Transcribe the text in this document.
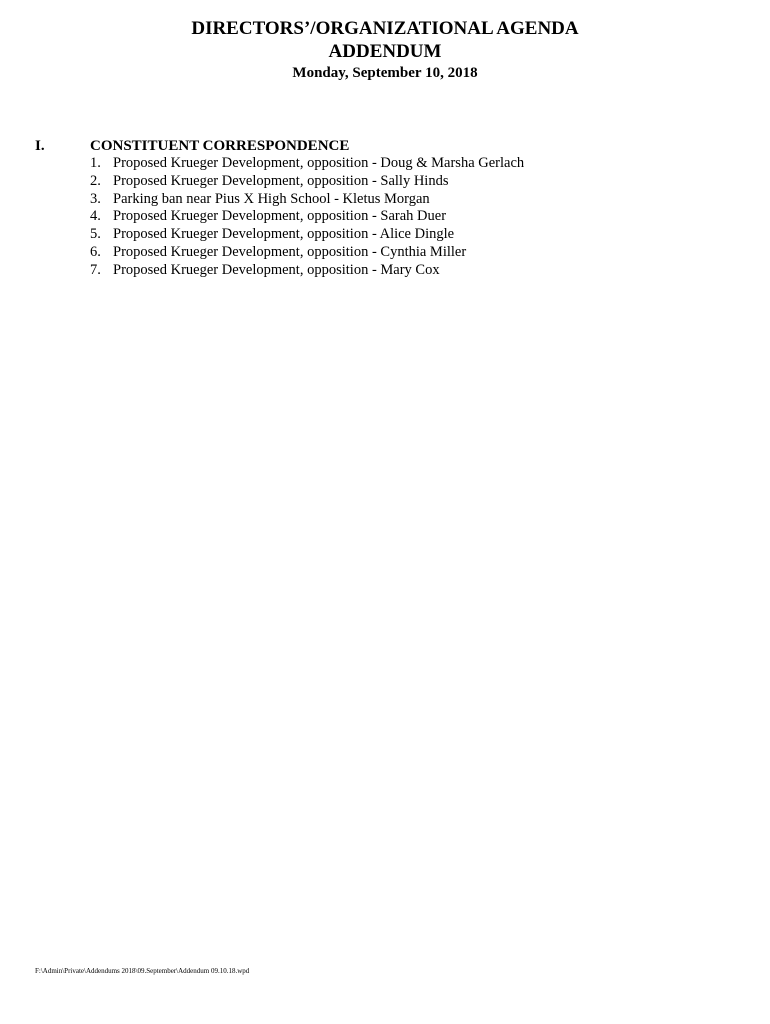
DIRECTORS’/ORGANIZATIONAL AGENDA
ADDENDUM
Monday, September 10, 2018
I.	CONSTITUENT CORRESPONDENCE
1. Proposed Krueger Development, opposition - Doug & Marsha Gerlach
2. Proposed Krueger Development, opposition - Sally Hinds
3. Parking ban near Pius X High School - Kletus Morgan
4. Proposed Krueger Development, opposition - Sarah Duer
5. Proposed Krueger Development, opposition - Alice Dingle
6. Proposed Krueger Development, opposition - Cynthia Miller
7. Proposed Krueger Development, opposition - Mary Cox
F:\Admin\Private\Addendums 2018\09.September\Addendum 09.10.18.wpd
